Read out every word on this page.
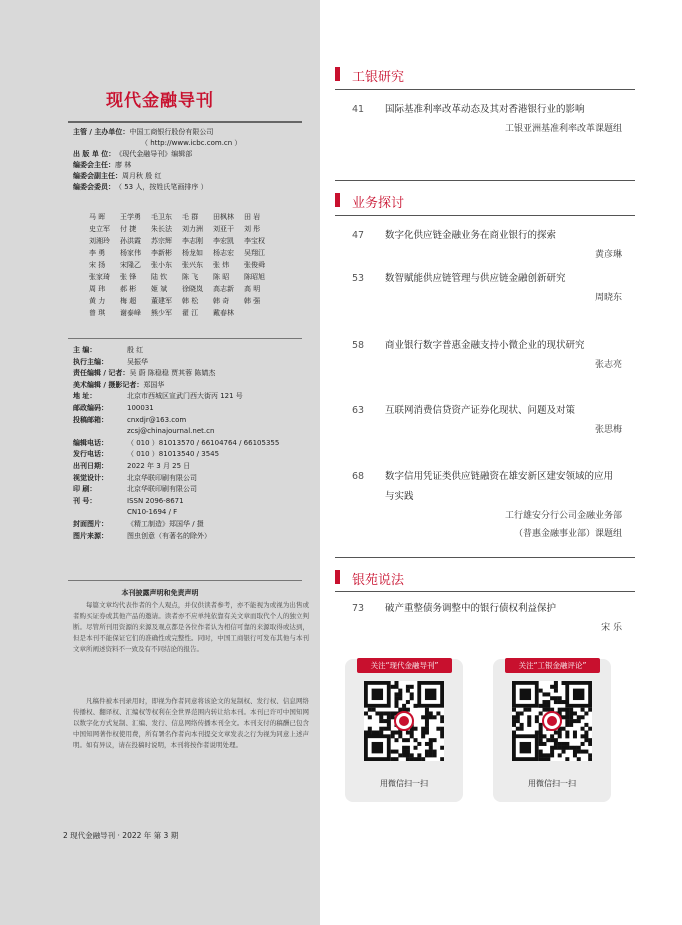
现代金融导刊
主管 / 主办单位： 中国工商银行股份有限公司
（ http://www.icbc.com.cn ）
出 版 单 位： 《现代金融导刊》编辑部
编委会主任： 廖 林
编委会副主任： 周月秋 殷 红
编委会委员： （ 53 人，按姓氏笔画排序 ）
马 晖	王学勇	毛卫东	毛 群	田枫林	田 岩
史立军	付 捷	朱长法	刘力洲	刘亚干	刘 彤
刘湘玲	孙洪霞	苏宗辉	李志刚	李宏凯	李宝权
李 勇	杨家伟	李新彬	杨龙如	杨志宏	吴翔江
宋 扬	宋隆乙	张小东	张兴东	张 炜	张俊舜
张家琦	张 锋	陆 钦	陈 飞	陈 昭	陈昭旭
周 玮	郝 彬	姬 斌	徐晓岚	高志新	高 明
黄 力	梅 超	董建军	韩 松	韩 奇	韩 强
曾 琪	谢泰峰	熊少军	翟 江	戴春林
主 编：	殷 红
执行主编：	吴振华
责任编辑 / 记者： 吴 蔚 陈稳稳 贾其蓉 陈婧杰
美术编辑 / 摄影记者： 郑国华
地 址：	北京市西城区宣武门西大街丙 121 号
邮政编码：	100031
投稿邮箱：	cnxdjr@163.com
zcsj@chinajournal.net.cn
编辑电话：	（ 010 ）81013570 / 66104764 / 66105355
发行电话：	（ 010 ）81013540 / 3545
出刊日期：	2022 年 3 月 25 日
视觉设计：	北京华联印刷有限公司
印 刷：	北京华联印刷有限公司
刊 号：	ISSN 2096-8671
CN10-1694 / F
封面图片：	《精工制造》郑国华 / 摄
图片来源：	图虫创意（有著名的除外）
本刊披露声明和免责声明
每篇文章均代表作者的个人观点，并仅供读者参考，亦不能视为或视为出售或者购买证券或其他产品的邀请。读者亦不应单纯依靠有关文章而取代个人的独立判断。尽管所刊用资源的来源及观点都是各位作者认为相信可靠的来源取得或达到，但是本刊不能保证它们的准确性或完整性。同时，中国工商银行可发布其他与本刊文章所阐述资料不一致及有不同结论的报告。
凡稿件被本刊录用时，即视为作者同意将该论文的复制权、发行权、信息网络传播权、翻译权、汇编权等权利在全世界范围内转让给本刊。本刊已许可中国知网以数字化方式复制、汇编、发行、信息网络传播本刊全文。本刊支付的稿酬已包含中国知网著作权使用费，所有署名作者向本刊提交文章发表之行为视为同意上述声明。如有异议，请在投稿时说明，本刊将按作者说明处理。
2 现代金融导刊 · 2022 年 第 3 期
工银研究
41 国际基准利率改革动态及其对香港银行业的影响
工银亚洲基准利率改革课题组
业务探讨
47 数字化供应链金融业务在商业银行的探索
黄彦琳
53 数智赋能供应链管理与供应链金融创新研究
周晓东
58 商业银行数字普惠金融支持小微企业的现状研究
张志亮
63 互联网消费信贷资产证券化现状、问题及对策
张思梅
68 数字信用凭证类供应链融资在雄安新区建安领域的应用与实践
工行雄安分行公司金融业务部
（普惠金融事业部）课题组
银苑说法
73 破产重整债务调整中的银行债权利益保护
宋 乐
关注“现代金融导刊”
用微信扫一扫
关注“工银金融评论”
用微信扫一扫
